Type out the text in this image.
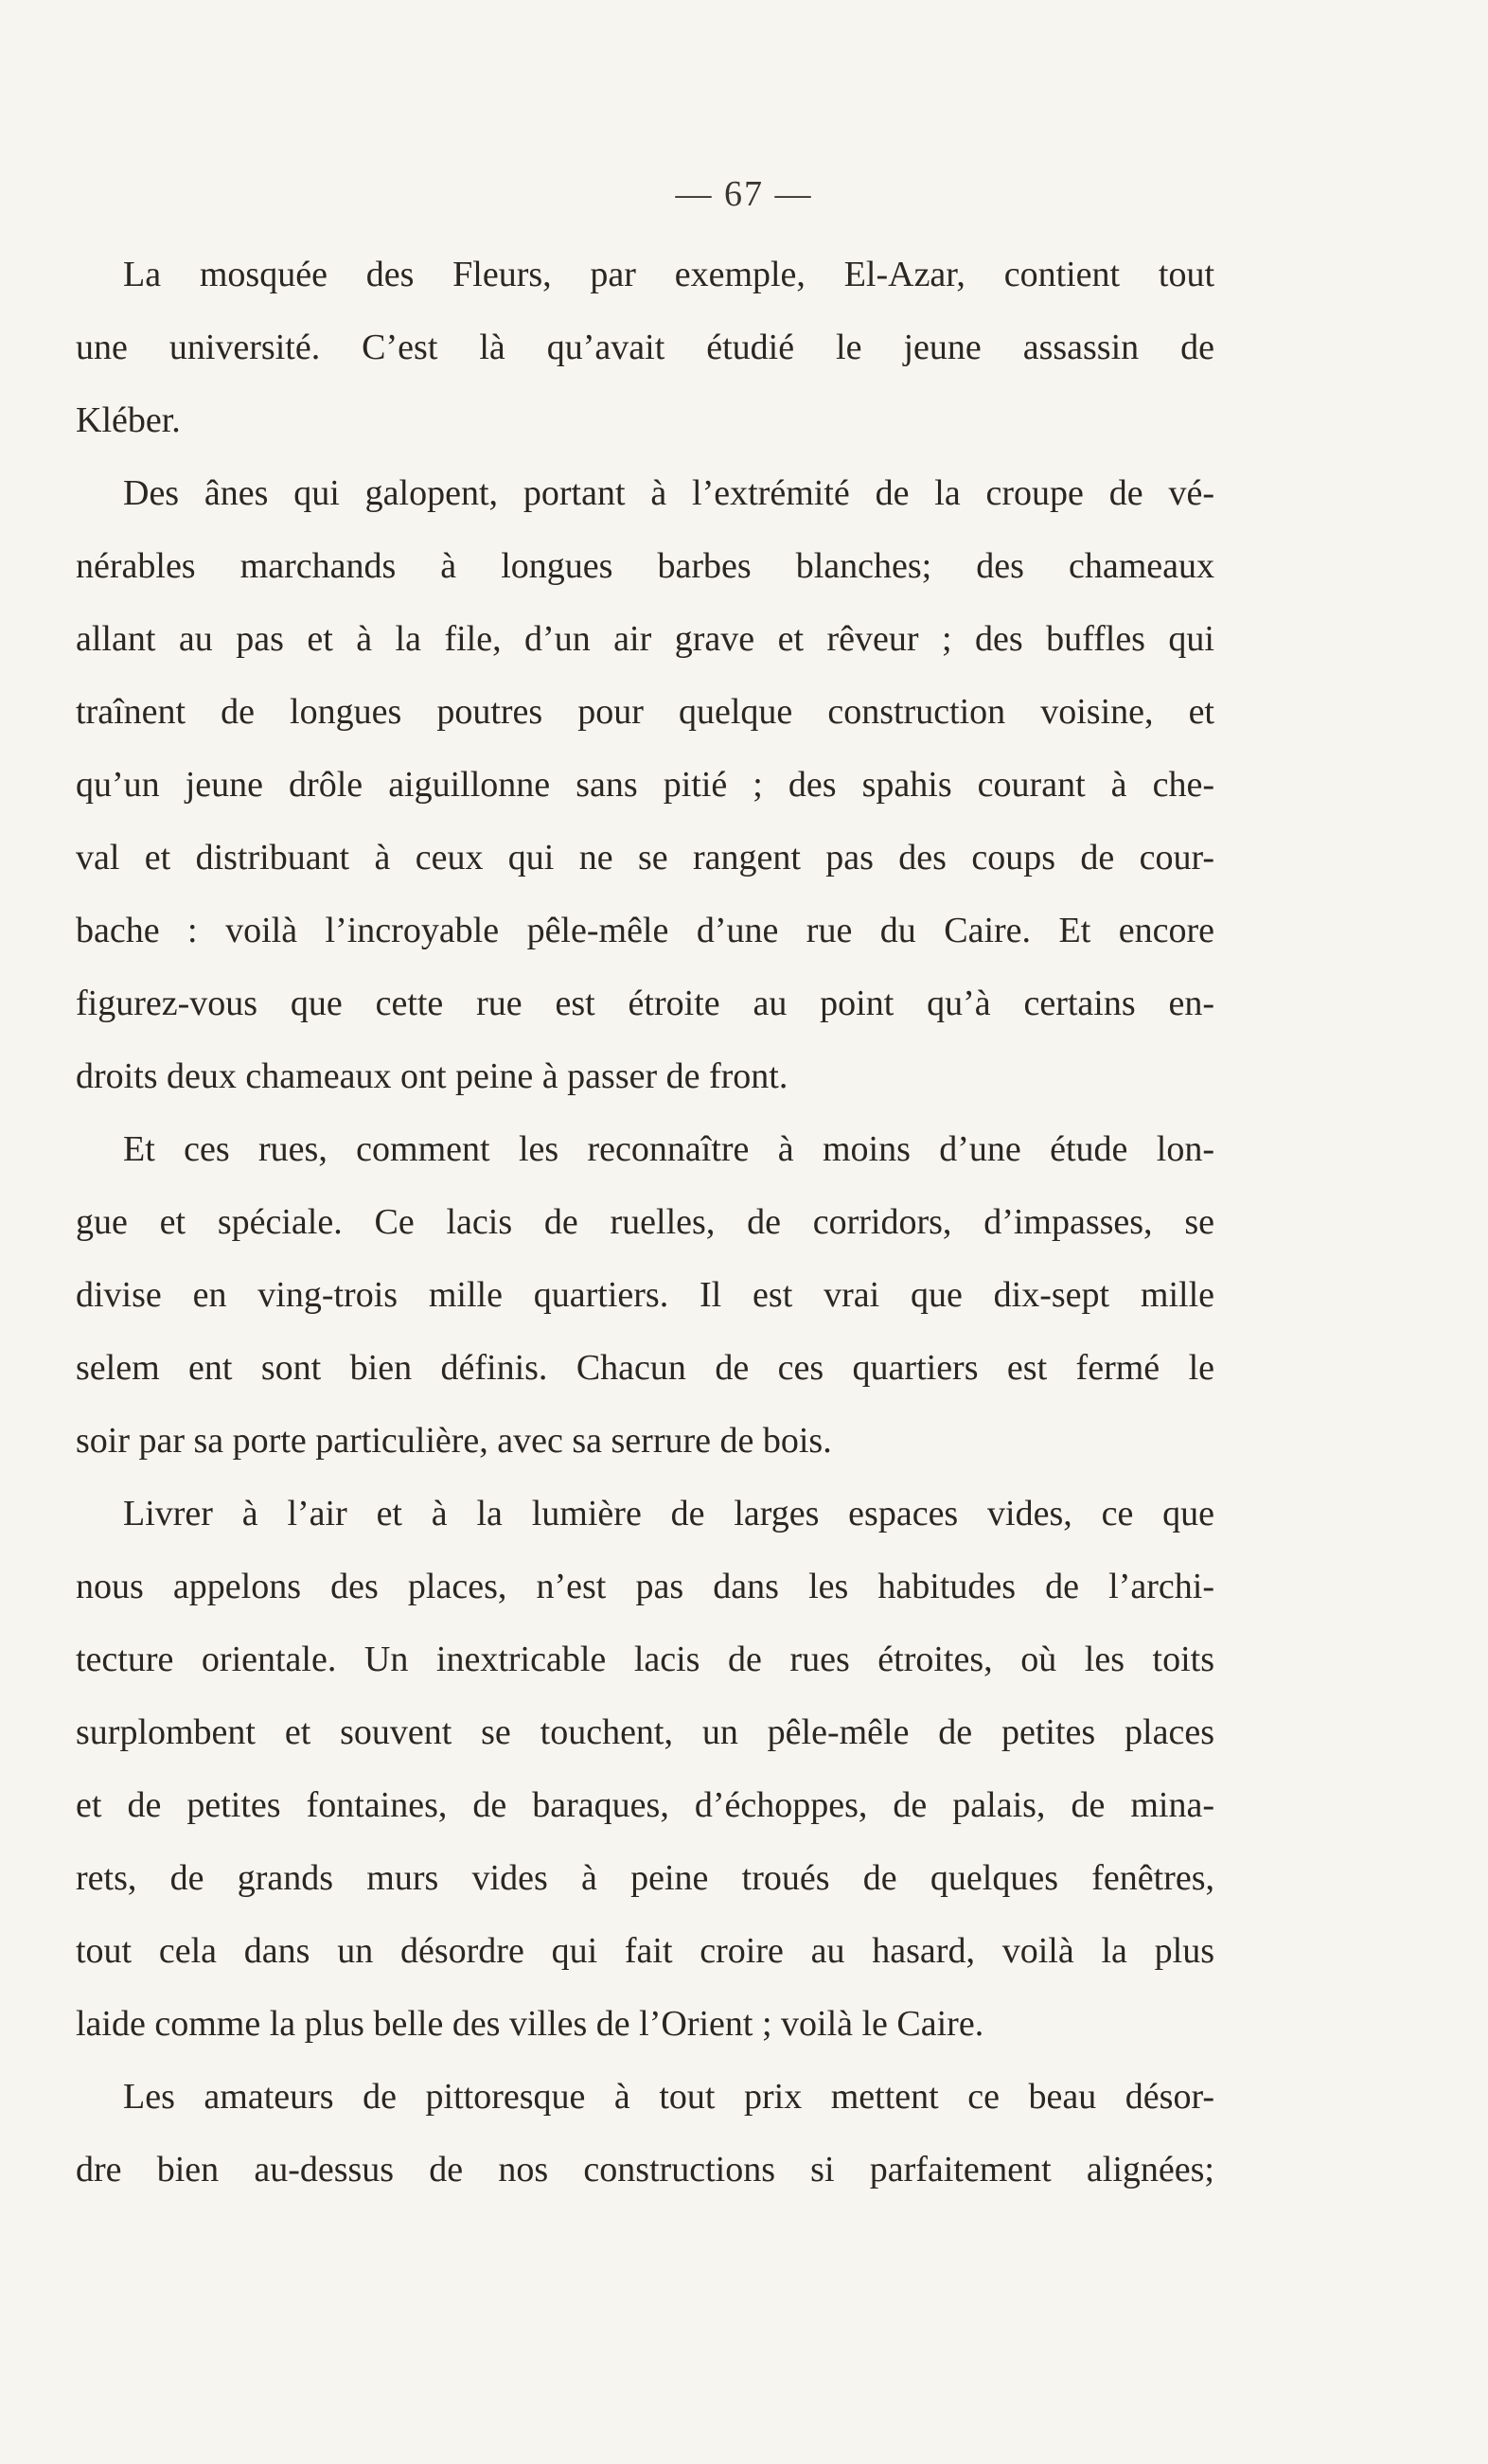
— 67 —
La mosquée des Fleurs, par exemple, El-Azar, contient tout
une université. C’est là qu’avait étudié le jeune assassin de
Kléber.
Des ânes qui galopent, portant à l’extrémité de la croupe de vé-
nérables marchands à longues barbes blanches; des chameaux
allant au pas et à la file, d’un air grave et rêveur ; des buffles qui
traînent de longues poutres pour quelque construction voisine, et
qu’un jeune drôle aiguillonne sans pitié ; des spahis courant à che-
val et distribuant à ceux qui ne se rangent pas des coups de cour-
bache : voilà l’incroyable pêle-mêle d’une rue du Caire. Et encore
figurez-vous que cette rue est étroite au point qu’à certains en-
droits deux chameaux ont peine à passer de front.
Et ces rues, comment les reconnaître à moins d’une étude lon-
gue et spéciale. Ce lacis de ruelles, de corridors, d’impasses, se
divise en ving-trois mille quartiers. Il est vrai que dix-sept mille
selem ent sont bien définis. Chacun de ces quartiers est fermé le
soir par sa porte particulière, avec sa serrure de bois.
Livrer à l’air et à la lumière de larges espaces vides, ce que
nous appelons des places, n’est pas dans les habitudes de l’archi-
tecture orientale. Un inextricable lacis de rues étroites, où les toits
surplombent et souvent se touchent, un pêle-mêle de petites places
et de petites fontaines, de baraques, d’échoppes, de palais, de mina-
rets, de grands murs vides à peine troués de quelques fenêtres,
tout cela dans un désordre qui fait croire au hasard, voilà la plus
laide comme la plus belle des villes de l’Orient ; voilà le Caire.
Les amateurs de pittoresque à tout prix mettent ce beau désor-
dre bien au-dessus de nos constructions si parfaitement alignées;
